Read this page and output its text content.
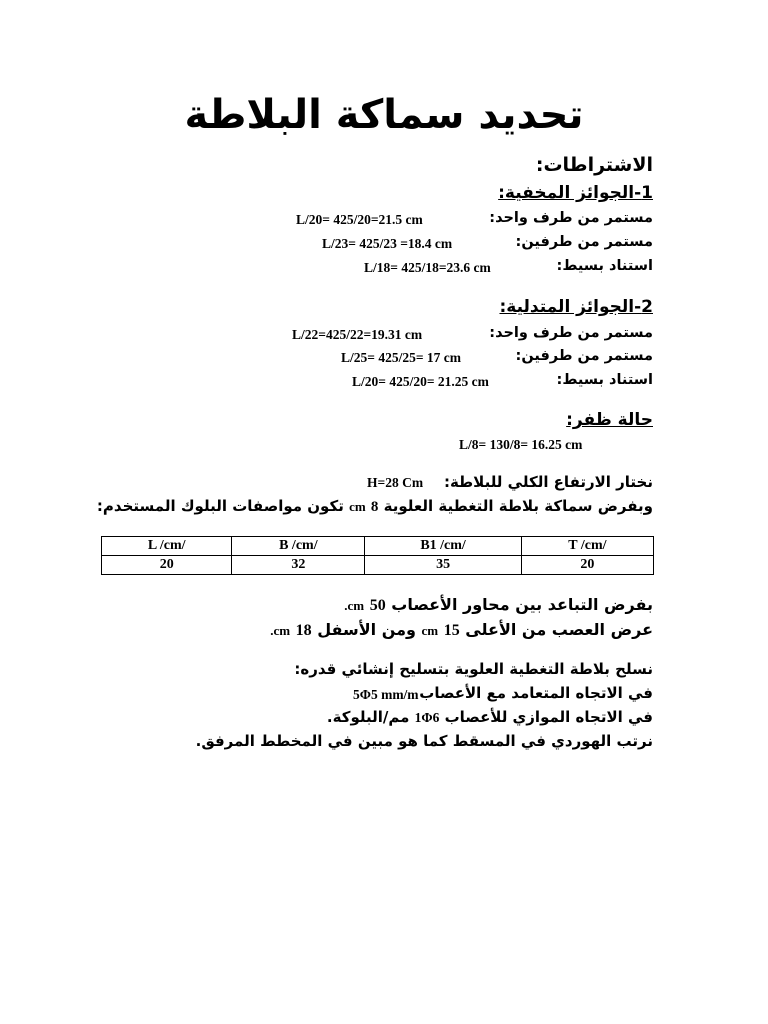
تحديد سماكة البلاطة
الاشتراطات:
1-الجوائز المخفية:
مستمر من طرف واحد:
L/20= 425/20=21.5 cm
مستمر من طرفين:
L/23= 425/23 =18.4 cm
استناد بسيط:
L/18= 425/18=23.6 cm
2-الجوائز المتدلية:
مستمر من طرف واحد:
L/22=425/22=19.31 cm
مستمر من طرفين:
L/25= 425/25= 17 cm
استناد بسيط:
L/20= 425/20= 21.25 cm
حالة ظفر:
L/8= 130/8= 16.25 cm
نختار الارتفاع الكلي للبلاطة:
H=28 Cm
وبفرض سماكة بلاطة التغطية العلوية 8 cm تكون مواصفات البلوك المستخدم:
L /cm/	B /cm/	B1 /cm/	T /cm/
20	32	35	20
بفرض التباعد بين محاور الأعصاب 50 cm.
عرض العصب من الأعلى 15 cm ومن الأسفل 18 cm.
نسلح بلاطة التغطية العلوية بتسليح إنشائي قدره:
في الاتجاه المتعامد مع الأعصاب
5Φ5 mm/m
في الاتجاه الموازي للأعصاب 1Φ6 مم/البلوكة.
نرتب الهوردي في المسقط كما هو مبين في المخطط المرفق.
